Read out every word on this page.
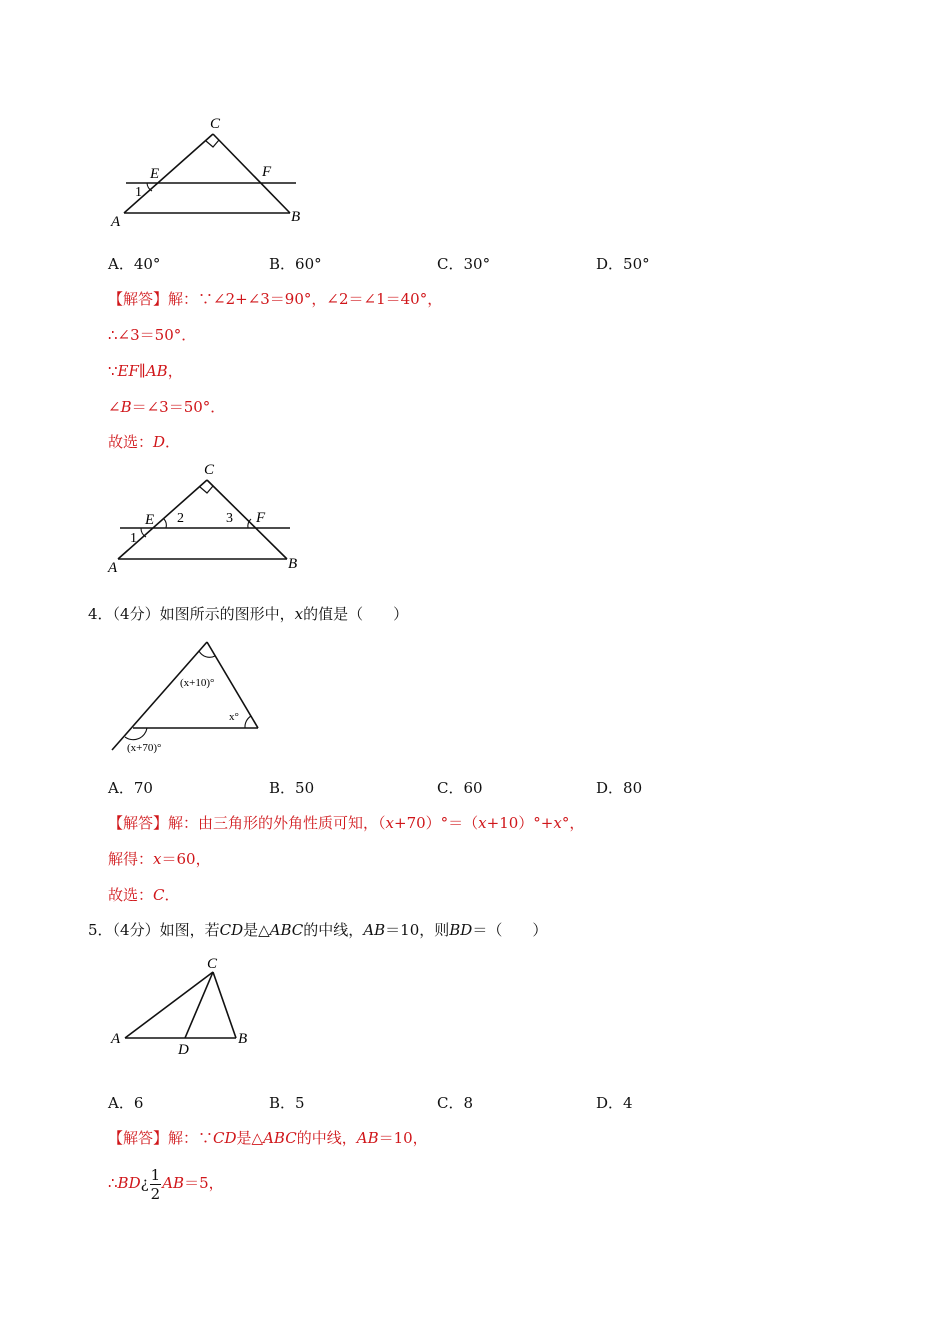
C
E	F
1
A	B
A．40°	B．60°	C．30°	D．50°
【解答】解：∵∠2+∠3＝90°，∠2＝∠1＝40°，
∴∠3＝50°．
∵EF∥AB，
∠B＝∠3＝50°．
故选：D．
C
E 2	3 F
1
A	B
4．（4分）如图所示的图形中，x的值是（　　）
(x+10)°
x°
(x+70)°
A．70	B．50	C．60	D．80
【解答】解：由三角形的外角性质可知，（x+70）°＝（x+10）°+x°，
解得：x＝60，
故选：C．
5．（4分）如图，若CD是△ABC的中线，AB＝10，则BD＝（　　）
C
A
D
B
A．6	B．5	C．8	D．4
【解答】解：∵CD是△ABC的中线，AB＝10，
∴BD¿ $\frac{1}{2} AB=5$，
